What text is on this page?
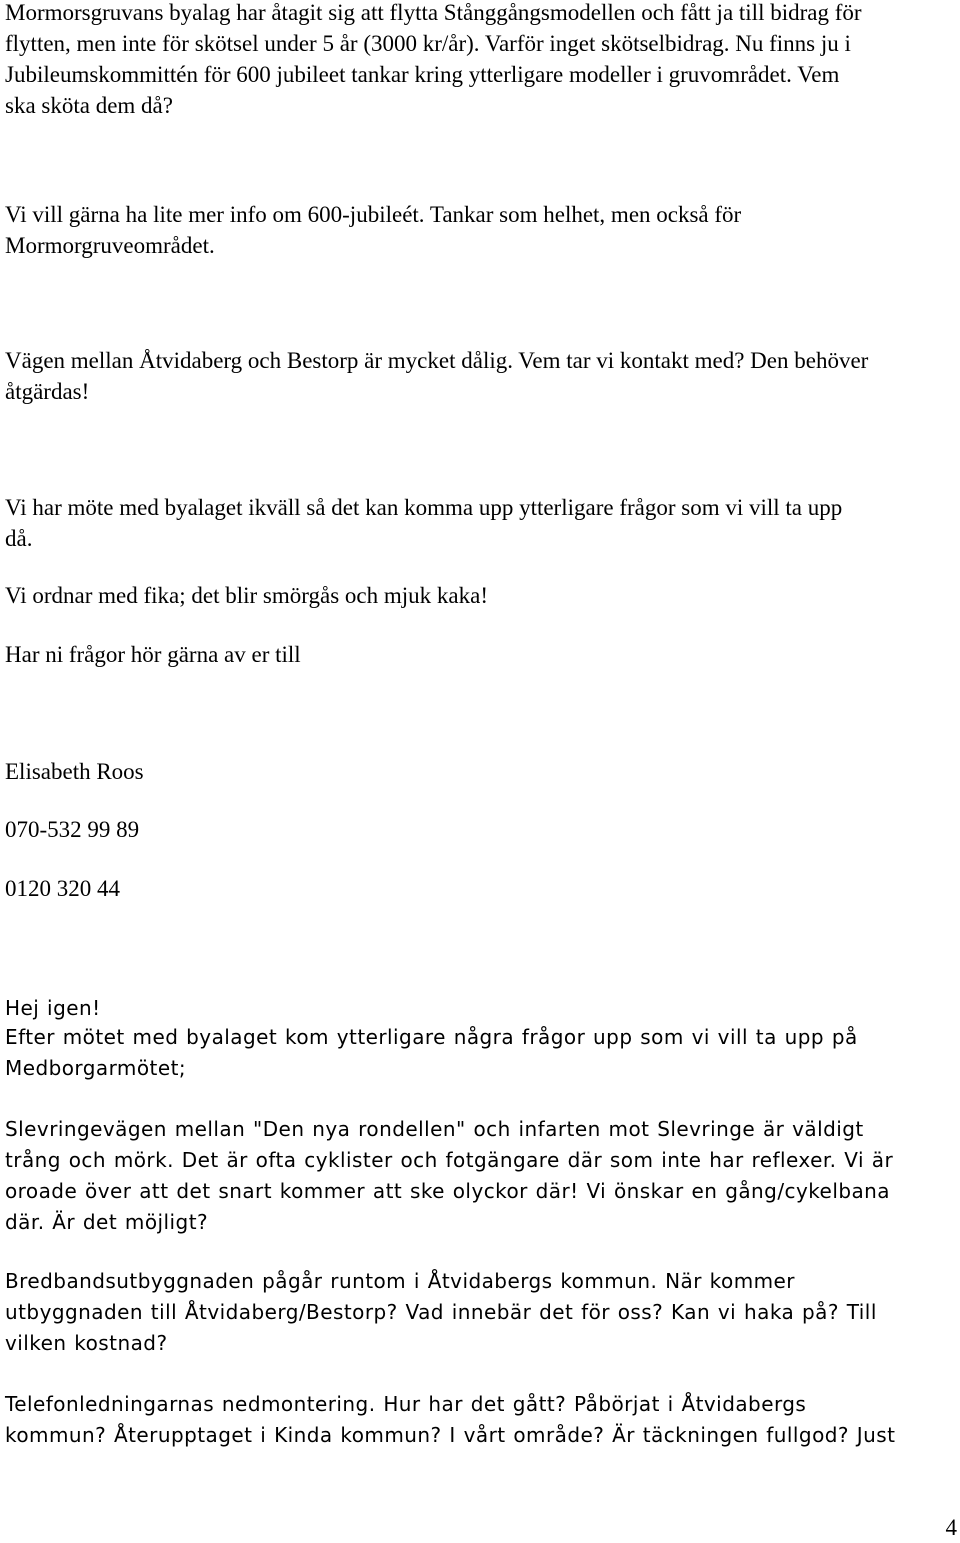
Mormorsgruvans byalag har åtagit sig att flytta Stånggångsmodellen och fått ja till bidrag för
flytten, men inte för skötsel under 5 år (3000 kr/år). Varför inget skötselbidrag. Nu finns ju i
Jubileumskommittén för 600 jubileet tankar kring ytterligare modeller i gruvområdet. Vem
ska sköta dem då?

Vi vill gärna ha lite mer info om 600-jubileét. Tankar som helhet, men också för
Mormorgruveområdet.

Vägen mellan Åtvidaberg och Bestorp är mycket dålig. Vem tar vi kontakt med? Den behöver
åtgärdas!

Vi har möte med byalaget ikväll så det kan komma upp ytterligare frågor som vi vill ta upp
då.

Vi ordnar med fika; det blir smörgås och mjuk kaka!

Har ni frågor hör gärna av er till

Elisabeth Roos

070-532 99 89

0120 320 44

Hej igen!

Efter mötet med byalaget kom ytterligare några frågor upp som vi vill ta upp på
Medborgarmötet;

Slevringevägen mellan "Den nya rondellen" och infarten mot Slevringe är väldigt
trång och mörk. Det är ofta cyklister och fotgängare där som inte har reflexer. Vi är
oroade över att det snart kommer att ske olyckor där! Vi önskar en gång/cykelbana
där. Är det möjligt?

Bredbandsutbyggnaden pågår runtom i Åtvidabergs kommun. När kommer
utbyggnaden till Åtvidaberg/Bestorp? Vad innebär det för oss? Kan vi haka på? Till
vilken kostnad?

Telefonledningarnas nedmontering. Hur har det gått? Påbörjat i Åtvidabergs
kommun? Återupptaget i Kinda kommun? I vårt område? Är täckningen fullgod? Just

4
